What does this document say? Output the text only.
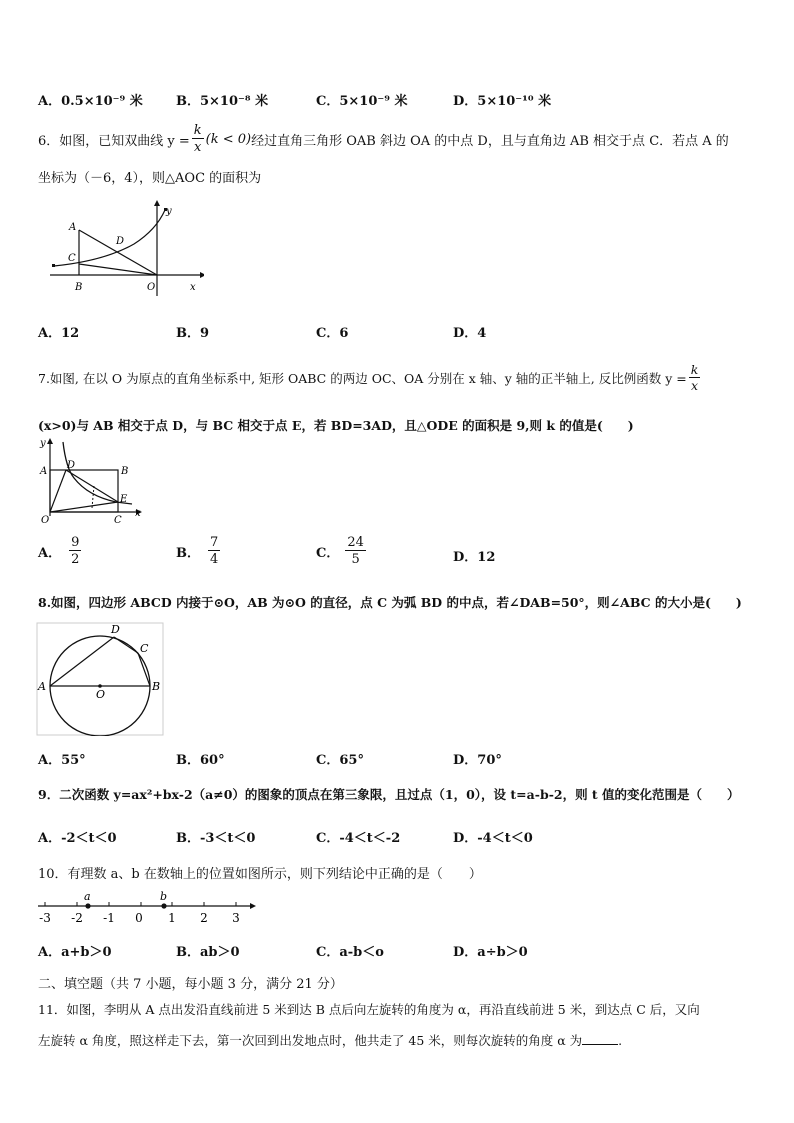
A．0.5×10⁻⁹ 米	B．5×10⁻⁸ 米	C．5×10⁻⁹ 米	D．5×10⁻¹⁰ 米
6．如图，已知双曲线 $y = \frac{k}{x} (k < 0)$ 经过直角三角形 OAB 斜边 OA 的中点 D，且与直角边 AB 相交于点 C．若点 A 的
坐标为（－6，4），则△AOC 的面积为
A
C
D
B	O	x
y
A．12	B．9	C．6	D．4
7.如图, 在以 O 为原点的直角坐标系中, 矩形 OABC 的两边 OC、OA 分别在 x 轴、y 轴的正半轴上, 反比例函数 $y = \frac{k}{x}$
(x>0)与 AB 相交于点 D，与 BC 相交于点 E，若 BD=3AD，且△ODE 的面积是 9,则 k 的值是(　　)
y
A
D
B
E
O	C
x
A． $\frac{9}{2}$	B． $\frac{7}{4}$	C． $\frac{24}{5}$	D．12
8.如图，四边形 ABCD 内接于⊙O，AB 为⊙O 的直径，点 C 为弧 BD 的中点，若∠DAB=50°，则∠ABC 的大小是(　　)
A	B
C
D
O
A．55°	B．60°	C．65°	D．70°
9．二次函数 y=ax²+bx-2（a≠0）的图象的顶点在第三象限，且过点（1，0），设 t=a-b-2，则 t 值的变化范围是（　　）
A．-2＜t＜0	B．-3＜t＜0	C．-4＜t＜-2	D．-4＜t＜0
10．有理数 a、b 在数轴上的位置如图所示，则下列结论中正确的是（　　）
a	b
-3 -2 -1 0 1 2 3
A．a+b＞0	B．ab＞0	C．a-b＜o	D．a÷b＞0
二、填空题（共 7 小题，每小题 3 分，满分 21 分）
11．如图，李明从 A 点出发沿直线前进 5 米到达 B 点后向左旋转的角度为 α，再沿直线前进 5 米，到达点 C 后，又向
左旋转 α 角度，照这样走下去，第一次回到出发地点时，他共走了 45 米，则每次旋转的角度 α 为	.
